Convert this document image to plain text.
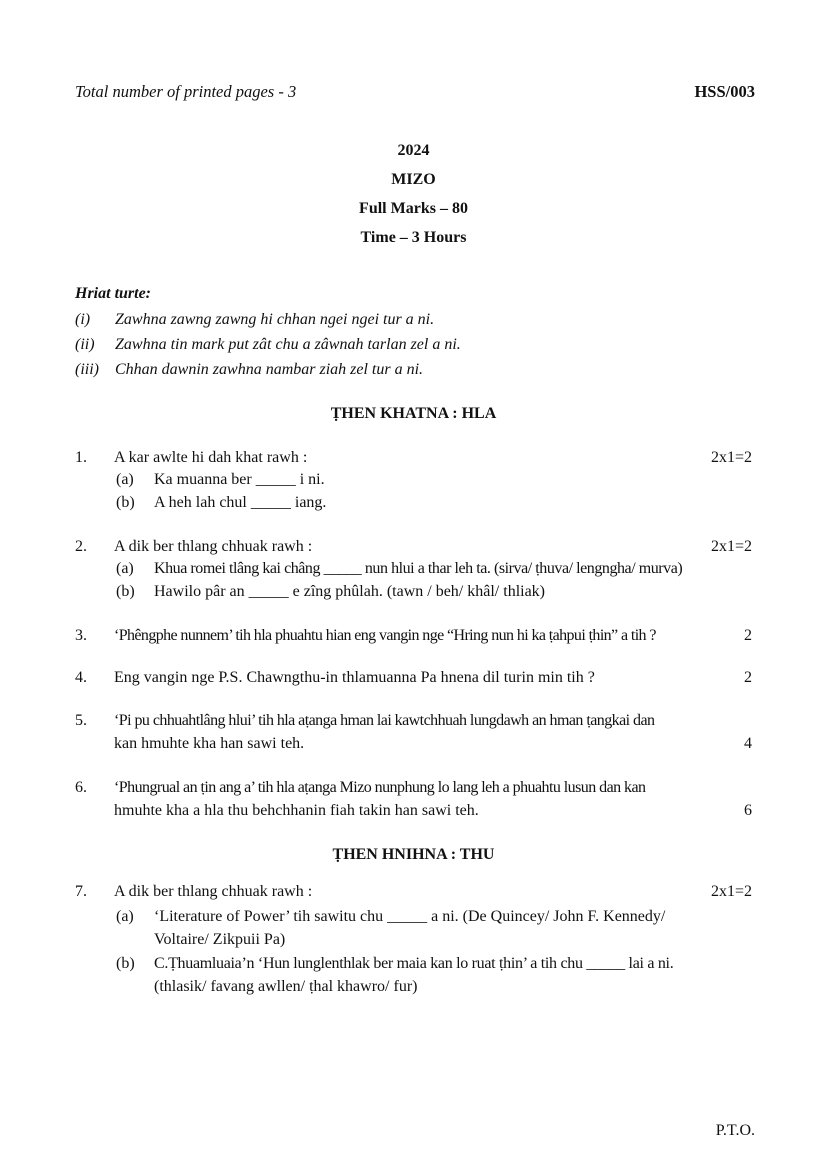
Total number of printed pages - 3	HSS/003
2024
MIZO
Full Marks – 80
Time – 3 Hours
Hriat turte:
(i) Zawhna zawng zawng hi chhan ngei ngei tur a ni.
(ii) Zawhna tin mark put zât chu a zâwnah tarlan zel a ni.
(iii) Chhan dawnin zawhna nambar ziah zel tur a ni.
ṬHEN KHATNA : HLA
1. A kar awlte hi dah khat rawh :	2x1=2
(a) Ka muanna ber _____ i ni.
(b) A heh lah chul _____ iang.
2. A dik ber thlang chhuak rawh :	2x1=2
(a) Khua romei tlâng kai châng _____ nun hlui a thar leh ta. (sirva/ ṭhuva/ lengngha/ murva)
(b) Hawilo pâr an _____ e zîng phûlah. (tawn / beh/ khâl/ thliak)
3. ‘Phêngphe nunnem’ tih hla phuahtu hian eng vangin nge “Hring nun hi ka ṭahpui ṭhin” a tih ?	2
4. Eng vangin nge P.S. Chawngthu-in thlamuanna Pa hnena dil turin min tih ?	2
5. ‘Pi pu chhuahtlâng hlui’ tih hla aṭanga hman lai kawtchhuah lungdawh an hman ṭangkai dan
kan hmuhte kha han sawi teh.	4
6. ‘Phungrual an ṭin ang a’ tih hla aṭanga Mizo nunphung lo lang leh a phuahtu lusun dan kan
hmuhte kha a hla thu behchhanin fiah takin han sawi teh.	6
ṬHEN HNIHNA : THU
7. A dik ber thlang chhuak rawh :	2x1=2
(a) ‘Literature of Power’ tih sawitu chu _____ a ni. (De Quincey/ John F. Kennedy/
Voltaire/ Zikpuii Pa)
(b) C.Ṭhuamluaia’n ‘Hun lunglenthlak ber maia kan lo ruat ṭhin’ a tih chu _____ lai a ni.
(thlasik/ favang awllen/ ṭhal khawro/ fur)
P.T.O.
